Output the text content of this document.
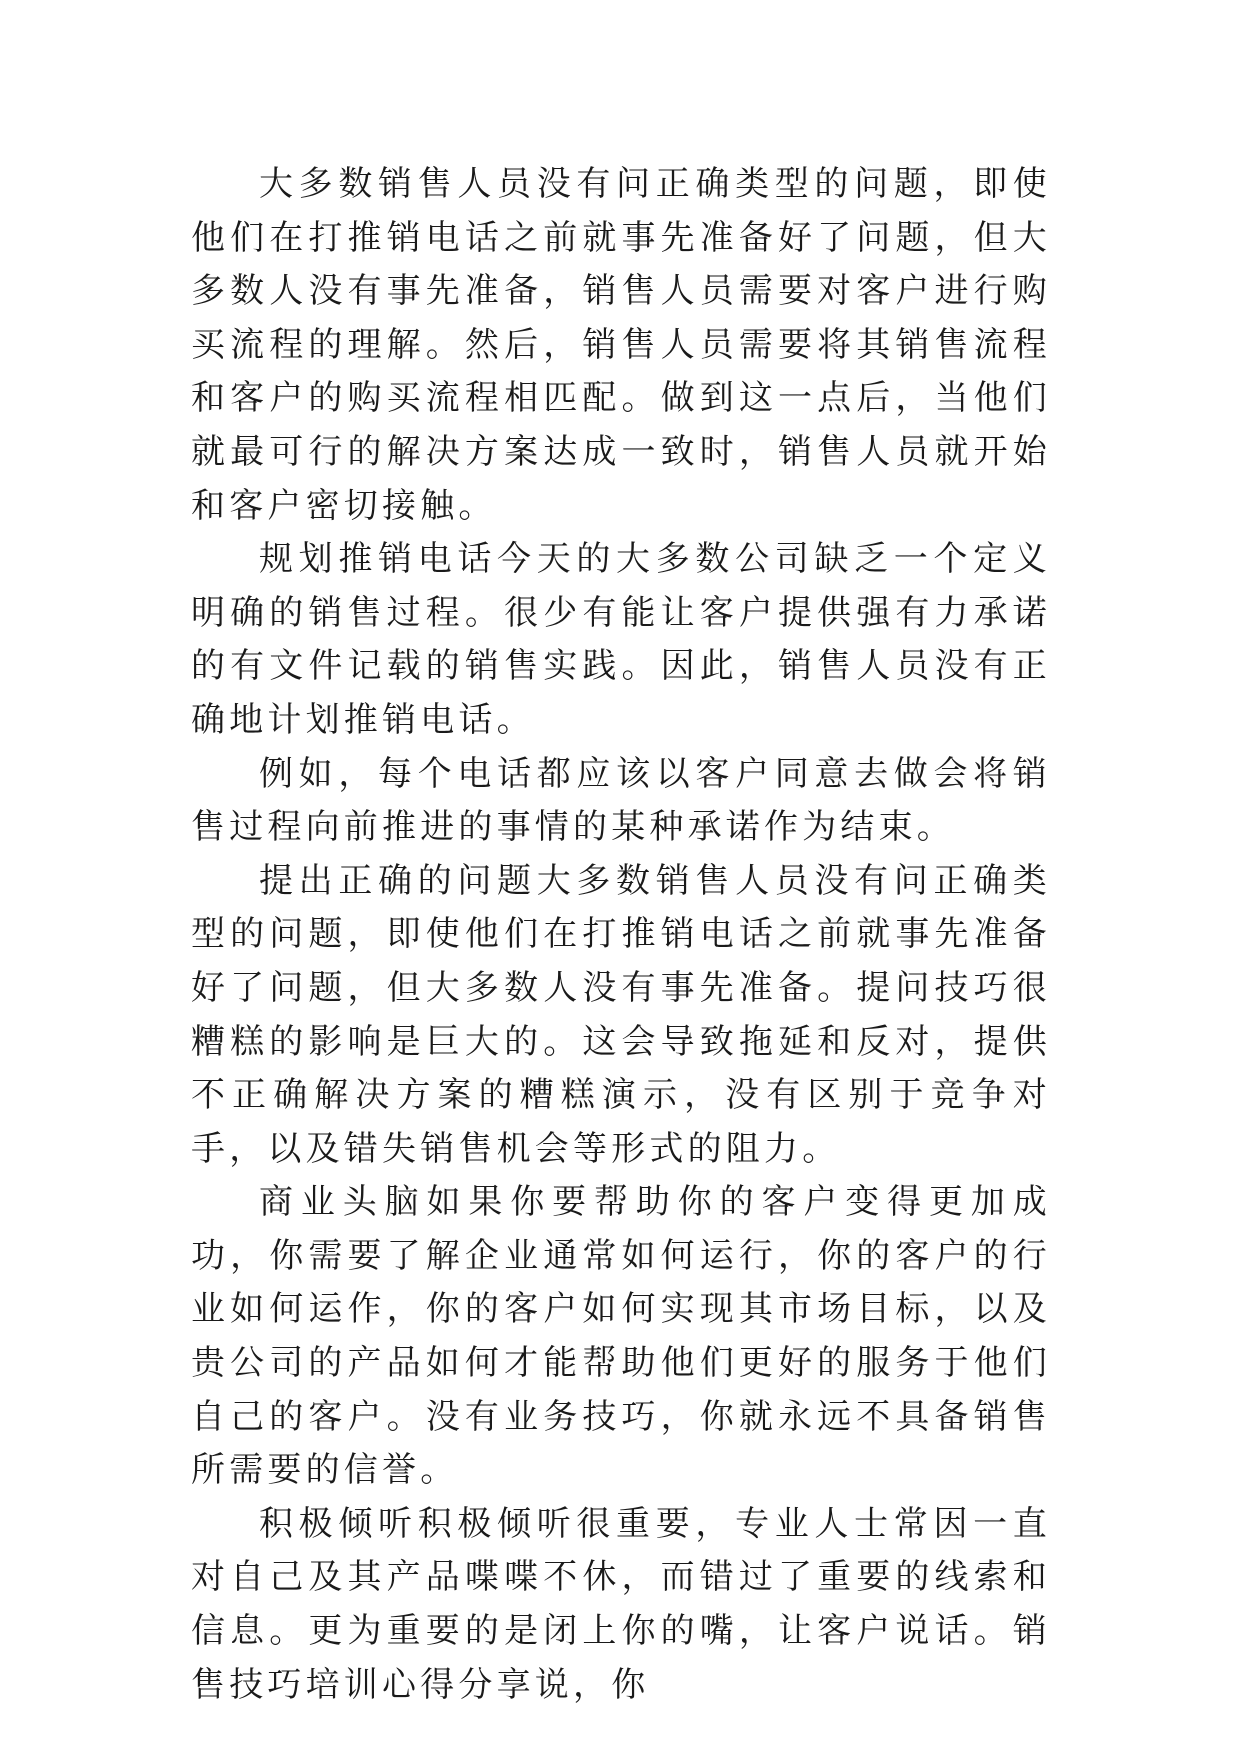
大多数销售人员没有问正确类型的问题，即使他们在打推销电话之前就事先准备好了问题，但大多数人没有事先准备，销售人员需要对客户进行购买流程的理解。然后，销售人员需要将其销售流程和客户的购买流程相匹配。做到这一点后，当他们就最可行的解决方案达成一致时，销售人员就开始和客户密切接触。

规划推销电话今天的大多数公司缺乏一个定义明确的销售过程。很少有能让客户提供强有力承诺的有文件记载的销售实践。因此，销售人员没有正确地计划推销电话。

例如，每个电话都应该以客户同意去做会将销售过程向前推进的事情的某种承诺作为结束。

提出正确的问题大多数销售人员没有问正确类型的问题，即使他们在打推销电话之前就事先准备好了问题，但大多数人没有事先准备。提问技巧很糟糕的影响是巨大的。这会导致拖延和反对，提供不正确解决方案的糟糕演示，没有区别于竞争对手，以及错失销售机会等形式的阻力。

商业头脑如果你要帮助你的客户变得更加成功，你需要了解企业通常如何运行，你的客户的行业如何运作，你的客户如何实现其市场目标，以及贵公司的产品如何才能帮助他们更好的服务于他们自己的客户。没有业务技巧，你就永远不具备销售所需要的信誉。

积极倾听积极倾听很重要，专业人士常因一直对自己及其产品喋喋不休，而错过了重要的线索和信息。更为重要的是闭上你的嘴，让客户说话。销售技巧培训心得分享说，你
